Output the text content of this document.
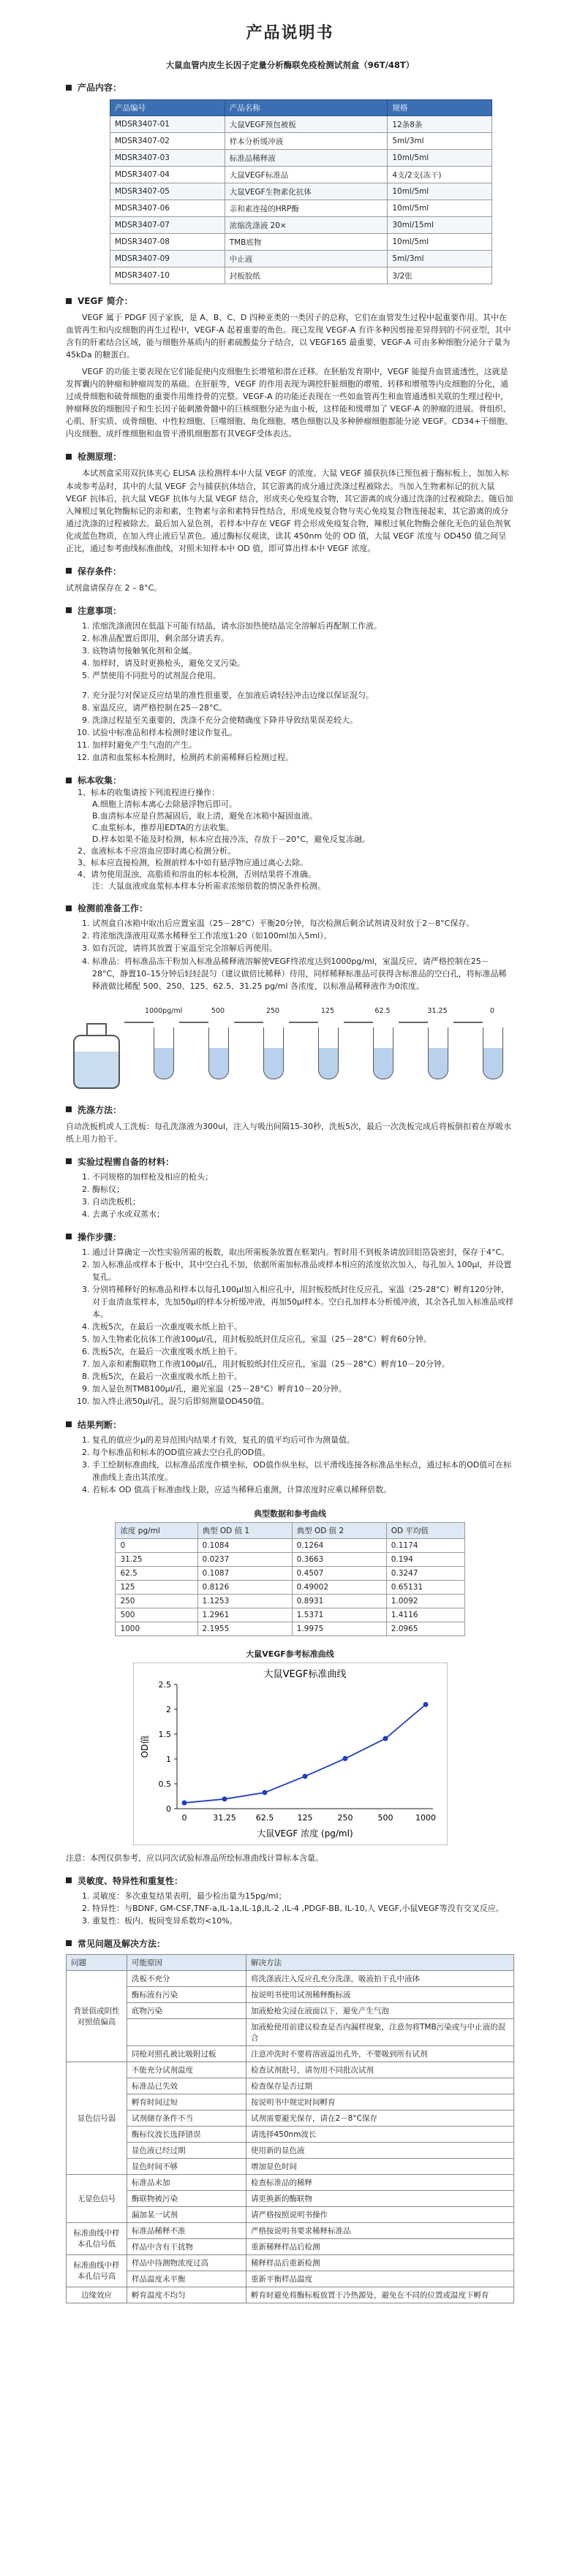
产品说明书
大鼠血管内皮生长因子定量分析酶联免疫检测试剂盒（96T/48T）
产品内容：
产品编号	产品名称	规格
MDSR3407-01	大鼠VEGF预包被板	12条8条
MDSR3407-02	样本分析缓冲液	5ml/3ml
MDSR3407-03	标准品稀释液	10ml/5ml
MDSR3407-04	大鼠VEGF标准品	4支/2支(冻干)
MDSR3407-05	大鼠VEGF生物素化抗体	10ml/5ml
MDSR3407-06	亲和素连接的HRP酶	10ml/5ml
MDSR3407-07	浓缩洗涤液 20×	30ml/15ml
MDSR3407-08	TMB底物	10ml/5ml
MDSR3407-09	中止液	5ml/3ml
MDSR3407-10	封板胶纸	3/2张
VEGF 简介：

VEGF 属于 PDGF 因子家族，是 A、B、C、D 四种亚类的一类因子的总称，它们在血管发生过程中起重要作用。其中在血管再生和内皮细胞的再生过程中，VEGF-A 起着重要的角色。现已发现 VEGF-A 有许多种因剪接差异得到的不同亚型，其中含有的肝素结合区域，能与细胞外基质内的肝素硫酸盐分子结合，以 VEGF165 最重要，VEGF-A 可由多种细胞分泌分子量为 45kDa 的糖蛋白。

VEGF 的功能主要表现在它们能促使内皮细胞生长增殖和潜在迁移。在胚胎发育期中，VEGF 能提升血管通透性，这就是发挥囊内的肿瘤和肿瘤周发的基础。在肝脏等，VEGF 的作用表现为调控肝脏细胞的增殖、转移和增殖等内皮细胞的分化，通过成骨细胞和破骨细胞的重要作用维持骨的完整。VEGF-A 的功能还表现在一些如血管再生和血管通透相关联的生理过程中，肿瘤释放的细胞因子和生长因子能刺激骨髓中的巨核细胞分泌为血小板，这样能和缓增加了 VEGF-A 的肿瘤的进展。骨组织、心肌、肝实质、成骨细胞、中性粒细胞、巨噬细胞、角化细胞、嗜色细胞以及多种肿瘤细胞都能分泌 VEGF。CD34+干细胞、内皮细胞、成纤维细胞和血管平滑肌细胞都有其VEGF受体表达。

检测原理：

本试剂盒采用双抗体夹心 ELISA 法检测样本中大鼠 VEGF 的浓度。大鼠 VEGF 捕获抗体已预包被于酶标板上，加加入标本或参考品时，其中的大鼠 VEGF 会与捕获抗体结合，其它游离的成分通过洗涤过程被除去。当加入生物素标记的抗大鼠 VEGF 抗体后，抗大鼠 VEGF 抗体与大鼠 VEGF 结合，形成夹心免疫复合物，其它游离的成分通过洗涤的过程被除去。随后加入辣根过氧化物酶标记的亲和素，生物素与亲和素特异性结合，形成免疫复合物与夹心免疫复合物连接起来，其它游离的成分通过洗涤的过程被除去。最后加入显色剂，若样本中存在 VEGF 将会形成免疫复合物，辣根过氧化物酶会催化无色的显色剂氧化成蓝色物质，在加入终止液后呈黄色。通过酶标仪观读，读其 450nm 处的 OD 值，大鼠 VEGF 浓度与 OD450 值之间呈正比，通过参考曲线标准曲线，对照未知样本中 OD 值，即可算出样本中 VEGF 浓度。

保存条件：

试剂盒请保存在 2 – 8°C。

注意事项：
1. 浓缩洗涤液因在低温下可能有结晶，请水浴加热使结晶完全溶解后再配制工作液。
2. 标准品配置后即用，剩余部分请丢弃。
3. 底物请勿接触氧化剂和金属。
4. 加样时，请及时更换枪头，避免交叉污染。
5. 严禁使用不同批号的试剂混合使用。
7. 充分混匀对保证反应结果的准性很重要，在加液后请轻轻冲击边缘以保证混匀。
8. 室温反应，请严格控制在25－28°C。
9. 洗涤过程是至关重要的，洗涤不充分会使精确度下降并导致结果误差较大。
10. 试验中标准品和样本检测时建议作复孔。
11. 加样时避免产生气泡的产生。
12. 血清和血浆标本检测时，检测药术前需稀释后检测过程。
标本收集：
1、标本的收集请按下列流程进行操作：
A.细胞上清标本离心去除悬浮物后即可。
B.血清标本应是自然凝固后，取上清，避免在冰箱中凝固血液。
C.血浆标本，推荐用EDTA的方法收集。
D.样本如果不能及时检测，标本应直接冷冻，存放于－20°C，避免反复冻融。
2、血液标本不应溶血应即时离心检测分析。
3、标本应直接检测，检测前样本中如有悬浮物应通过离心去除。
4、请勿使用混浊、高脂质和溶血的标本检测，否则结果将不准确。
注：大鼠血液或血浆标本样本分析需求浓缩倍数的情况条件检测。
检测前准备工作：
1. 试剂盒自冰箱中取出后应置室温（25－28°C）平衡20分钟，每次检测后剩余试剂请及时放于2－8°C保存。
2. 将浓缩洗涤液用双蒸水稀释至工作浓度1:20（如100ml加入5ml）。
3. 如有沉淀，请将其放置于室温至完全溶解后再使用。
4. 标准品：将标准品冻干粉加入标准品稀释液溶解使VEGF终浓度达到1000pg/ml，室温反应，请严格控制在25－28°C，静置10–15分钟后轻轻混匀（建议做倍比稀释）待用，同样稀释标准品可获得含标准品的空白孔，将标准品稀释液做比稀配 500、250、125、62.5、31.25 pg/ml 各浓度，以标准品稀释液作为0浓度。
1000pg/ml	500	250	125	62.5	31.25	0
洗涤方法：

自动洗板机或人工洗板：每孔洗涤液为300ul，注入与吸出间隔15-30秒，洗板5次，最后一次洗板完成后将板倒扣着在厚吸水纸上用力拍干。

实验过程需自备的材料：
1. 不同规格的加样枪及相应的枪头；
2. 酶标仪；
3. 自动洗板机；
4. 去离子水或双蒸水；
操作步骤：
1. 通过计算确定一次性实验所需的板数，取出所需板条放置在框架内。暂时用不到板条请放回铝箔袋密封，保存于4°C。
2. 加入标准品或样本于板中，其中空白孔不加，依据所需加标准品或样本相应的浓度依次加入，每孔加入 100μl，并设置复孔。
3. 分别将稀释好的标准品和样本以每孔100μl加入相应孔中，用封板胶纸封住反应孔，室温（25-28°C）孵育120分钟，对于血清血浆样本，先加50μl的样本分析缓冲液，再加50μl样本。空白孔加样本分析缓冲液，其余各孔加入标准品或样本。
4. 洗板5次，在最后一次重度吸水纸上拍干。
5. 加入生物素化抗体工作液100μl/孔，用封板胶纸封住反应孔，室温（25－28°C）孵育60分钟。
6. 洗板5次，在最后一次重度吸水纸上拍干。
7. 加入亲和素酶联物工作液100μl/孔，用封板胶纸封住反应孔，室温（25－28°C）孵育10－20分钟。
8. 洗板5次，在最后一次重度吸水纸上拍干。
9. 加入显色剂TMB100μl/孔，避光室温（25－28°C）孵育10－20分钟。
10. 加入终止液50μl/孔，混匀后即刻测量OD450值。
结果判断：
1. 复孔的值应少μ的差异范围内结果才有效，复孔的值平均后可作为测量值。
2. 每个标准品和标本的OD值应减去空白孔的OD值。
3. 手工绘制标准曲线，以标准品浓度作横坐标，OD值作纵坐标，以平滑线连接各标准品坐标点，通过标本的OD值可在标准曲线上查出其浓度。
4. 若标本 OD 值高于标准曲线上限，应适当稀释后重测，计算浓度时应乘以稀释倍数。
典型数据和参考曲线
浓度 pg/ml	典型 OD 值 1	典型 OD 值 2	OD 平均值
0	0.1084	0.1264	0.1174
31.25	0.0237	0.3663	0.194
62.5	0.1087	0.4507	0.3247
125	0.8126	0.49002	0.65131
250	1.1253	0.8931	1.0092
500	1.2961	1.5371	1.4116
1000	2.1955	1.9975	2.0965
大鼠VEGF参考标准曲线
大鼠VEGF标准曲线
0
0.5
1
1.5
2
2.5
0	31.25 62.5	125	250	500	1000
大鼠VEGF 浓度 (pg/ml)
OD值

注意：本图仅供参考，应以同次试验标准品所绘标准曲线计算标本含量。

灵敏度、特异性和重复性：
1. 灵敏度：多次重复结果表明，最少检出量为15pg/ml；
2. 特异性：与BDNF, GM-CSF,TNF-a,IL-1a,IL-1β,IL-2 ,IL-4 ,PDGF-BB, IL-10,人 VEGF,小鼠VEGF等没有交叉反应。
3. 重复性：板内、板间变异系数均<10%。
常见问题及解决方法：
问题	可能原因	解决方法
背景值或阴性对照值偏高	洗板不充分	将洗涤液注入反应孔充分洗涤，吸液拍干孔中液体
	酶标液有污染	按说明书使用试剂稀释酶标液
	底物污染	加液枪枪尖浸在液面以下，避免产生气泡
		加液枪使用前建议检查是否内漏样现象，注意勿将TMB污染或与中止液的混合
	同枪对照孔被比吸附过板	注意冲洗时不要将溶液溢出孔外，不要吸到所有试剂
显色信号弱	不能充分试剂温度	检查试剂批号，请勿用不同批次试剂
	标准品已失效	检查保存是否过期
	孵育时间过短	按说明书中规定时间孵育
	试剂储存条件不当	试剂需要避光保存，请在2－8°C保存
	酶标仪波长选择错误	请选择450nm波长
	显色液已经过期	使用新的显色液
	显色时间不够	增加显色时间
无显色信号	标准品未加	检查标准品的稀释
	酶联物被污染	请更换新的酶联物
	漏加某一试剂	请严格按照说明书操作
标准曲线中样本孔信号低	标准品稀释不准	严格按说明书要求稀释标准品
	样品中含有干扰物	重新稀释样品后检测
标准曲线中样本孔信号高	样品中待测物浓度过高	稀释样品后重新检测
	样品温度未平衡	重新平衡样品温度
边缘效应	孵育温度不均匀	孵育时避免将酶标板放置于冷热源处，避免在不同的位置或温度下孵育
